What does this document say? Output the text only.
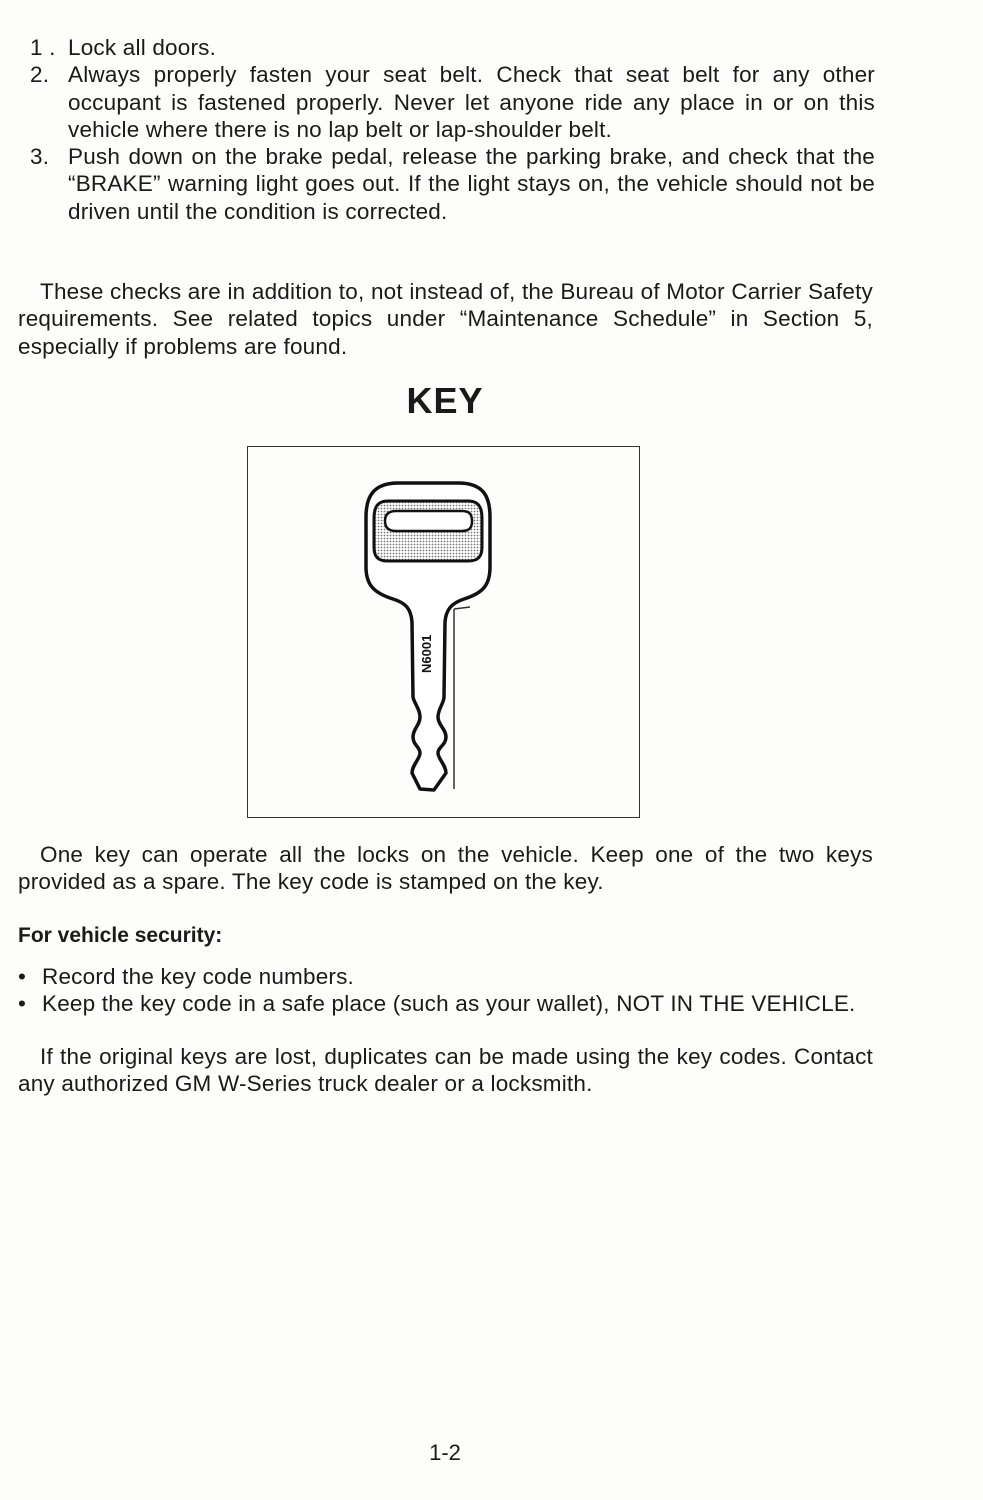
1 . Lock all doors.
2. Always properly fasten your seat belt. Check that seat belt for any other occupant is fastened properly. Never let anyone ride any place in or on this vehicle where there is no lap belt or lap-shoulder belt.
3. Push down on the brake pedal, release the parking brake, and check that the “BRAKE” warning light goes out. If the light stays on, the vehicle should not be driven until the condition is corrected.

These checks are in addition to, not instead of, the Bureau of Motor Carrier Safety requirements. See related topics under “Maintenance Schedule” in Section 5, especially if problems are found.

KEY
N6001

One key can operate all the locks on the vehicle. Keep one of the two keys provided as a spare. The key code is stamped on the key.

For vehicle security:
• Record the key code numbers.
• Keep the key code in a safe place (such as your wallet), NOT IN THE VEHICLE.

If the original keys are lost, duplicates can be made using the key codes. Contact any authorized GM W-Series truck dealer or a locksmith.

1-2
